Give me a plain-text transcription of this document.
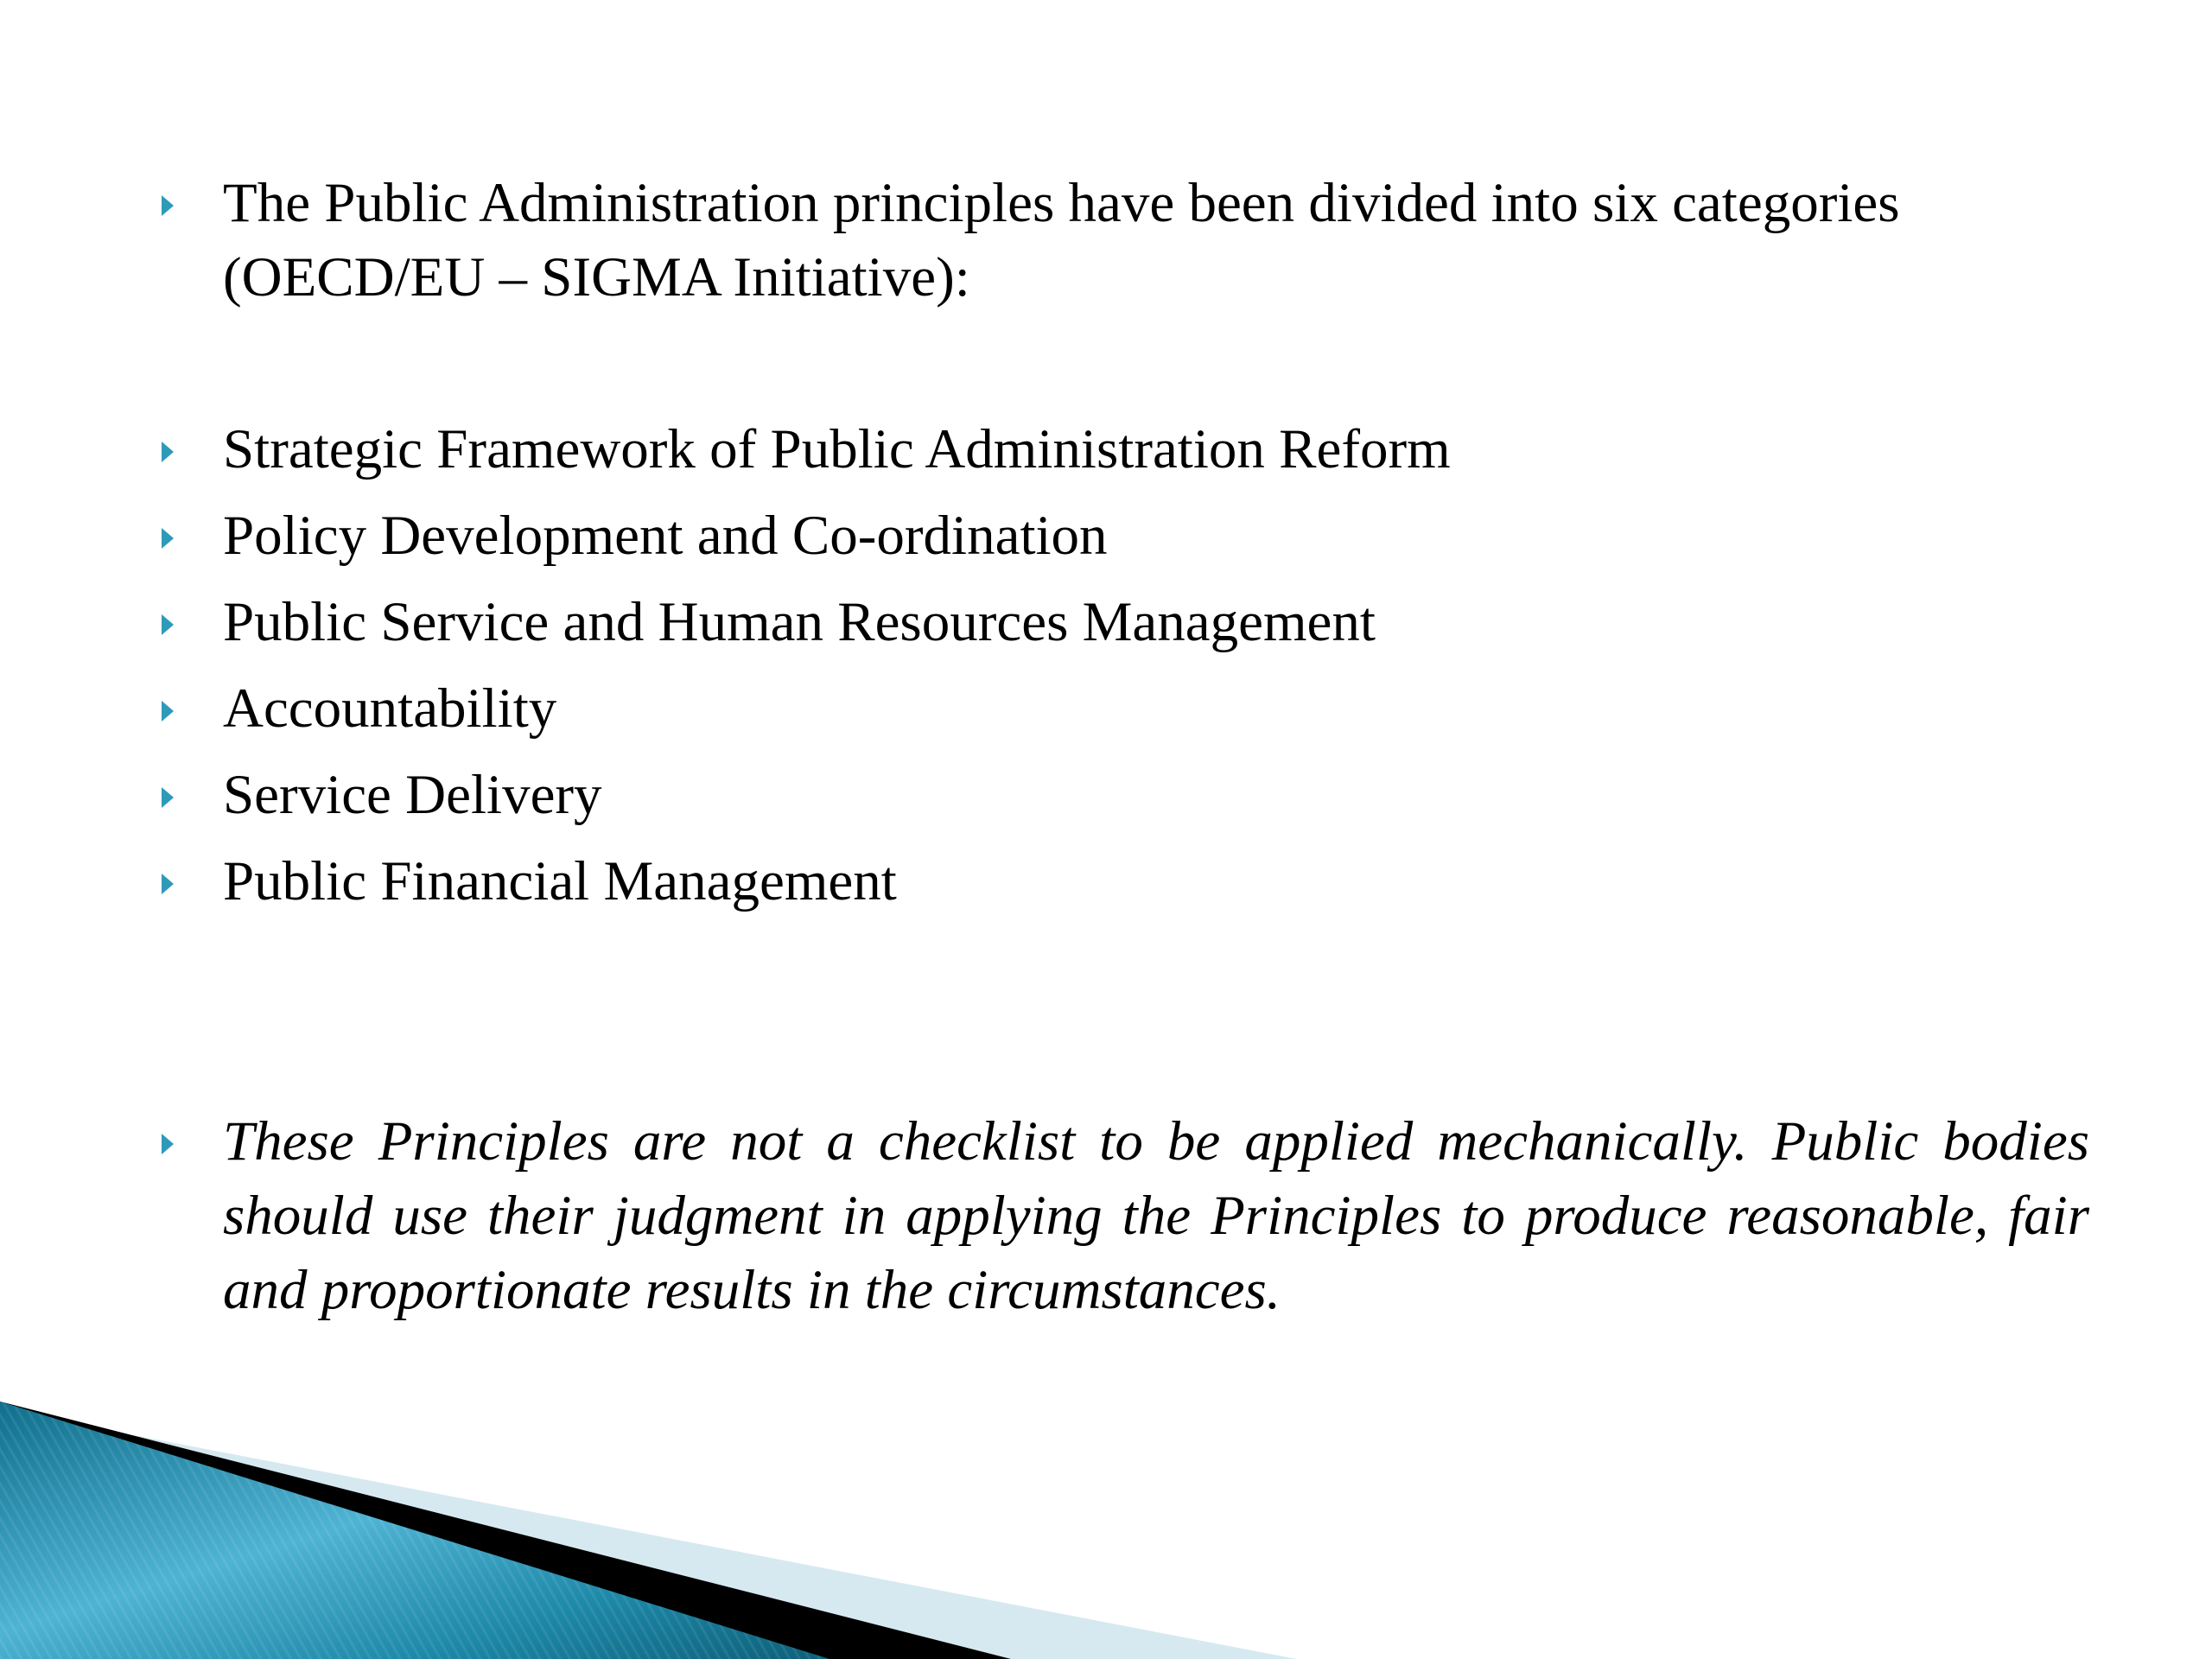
The Public Administration principles have been divided into six categories
(OECD/EU – SIGMA Initiative):
Strategic Framework of Public Administration Reform
Policy Development and Co-ordination
Public Service and Human Resources Management
Accountability
Service Delivery
Public Financial Management
These Principles are not a checklist to be applied mechanically. Public bodies should use their judgment in applying the Principles to produce reasonable, fair and proportionate results in the circumstances.
